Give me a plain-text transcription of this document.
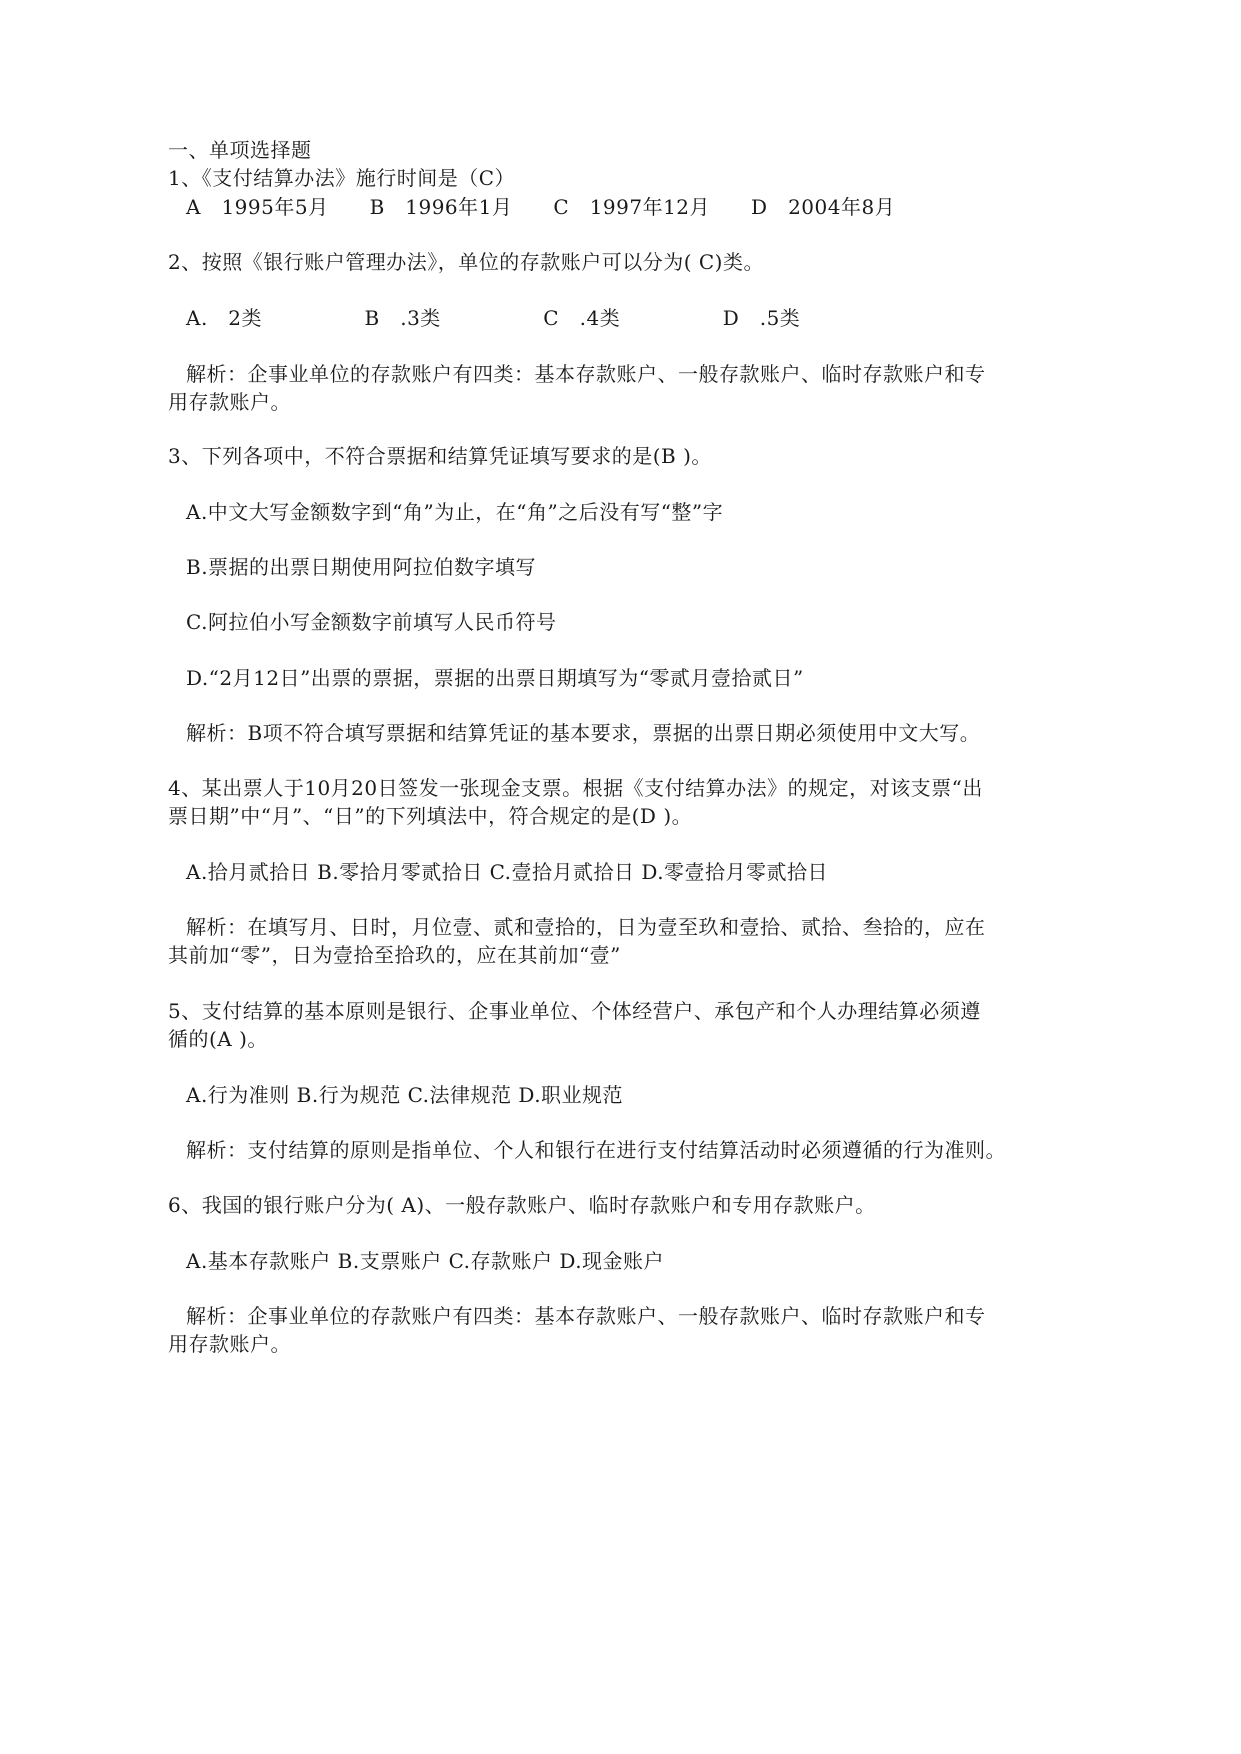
一、单项选择题
1、《支付结算办法》施行时间是（C）
A　1995年5月　　B　1996年1月　　C　1997年12月　　D　2004年8月
2、按照《银行账户管理办法》，单位的存款账户可以分为( C)类。
A.　2类　　　　　B　.3类　　　　　C　.4类　　　　　D　.5类
解析：企事业单位的存款账户有四类：基本存款账户、一般存款账户、临时存款账户和专
用存款账户。
3、下列各项中，不符合票据和结算凭证填写要求的是(B )。
A.中文大写金额数字到“角”为止，在“角”之后没有写“整”字
B.票据的出票日期使用阿拉伯数字填写
C.阿拉伯小写金额数字前填写人民币符号
D.“2月12日”出票的票据，票据的出票日期填写为“零贰月壹拾贰日”
解析：B项不符合填写票据和结算凭证的基本要求，票据的出票日期必须使用中文大写。
4、某出票人于10月20日签发一张现金支票。根据《支付结算办法》的规定，对该支票“出
票日期”中“月”、“日”的下列填法中，符合规定的是(D )。
A.拾月贰拾日 B.零拾月零贰拾日 C.壹拾月贰拾日 D.零壹拾月零贰拾日
解析：在填写月、日时，月位壹、贰和壹拾的，日为壹至玖和壹拾、贰拾、叁拾的，应在
其前加“零”，日为壹拾至拾玖的，应在其前加“壹”
5、支付结算的基本原则是银行、企事业单位、个体经营户、承包产和个人办理结算必须遵
循的(A )。
A.行为准则 B.行为规范 C.法律规范 D.职业规范
解析：支付结算的原则是指单位、个人和银行在进行支付结算活动时必须遵循的行为准则。
6、我国的银行账户分为( A)、一般存款账户、临时存款账户和专用存款账户。
A.基本存款账户 B.支票账户 C.存款账户 D.现金账户
解析：企事业单位的存款账户有四类：基本存款账户、一般存款账户、临时存款账户和专
用存款账户。
